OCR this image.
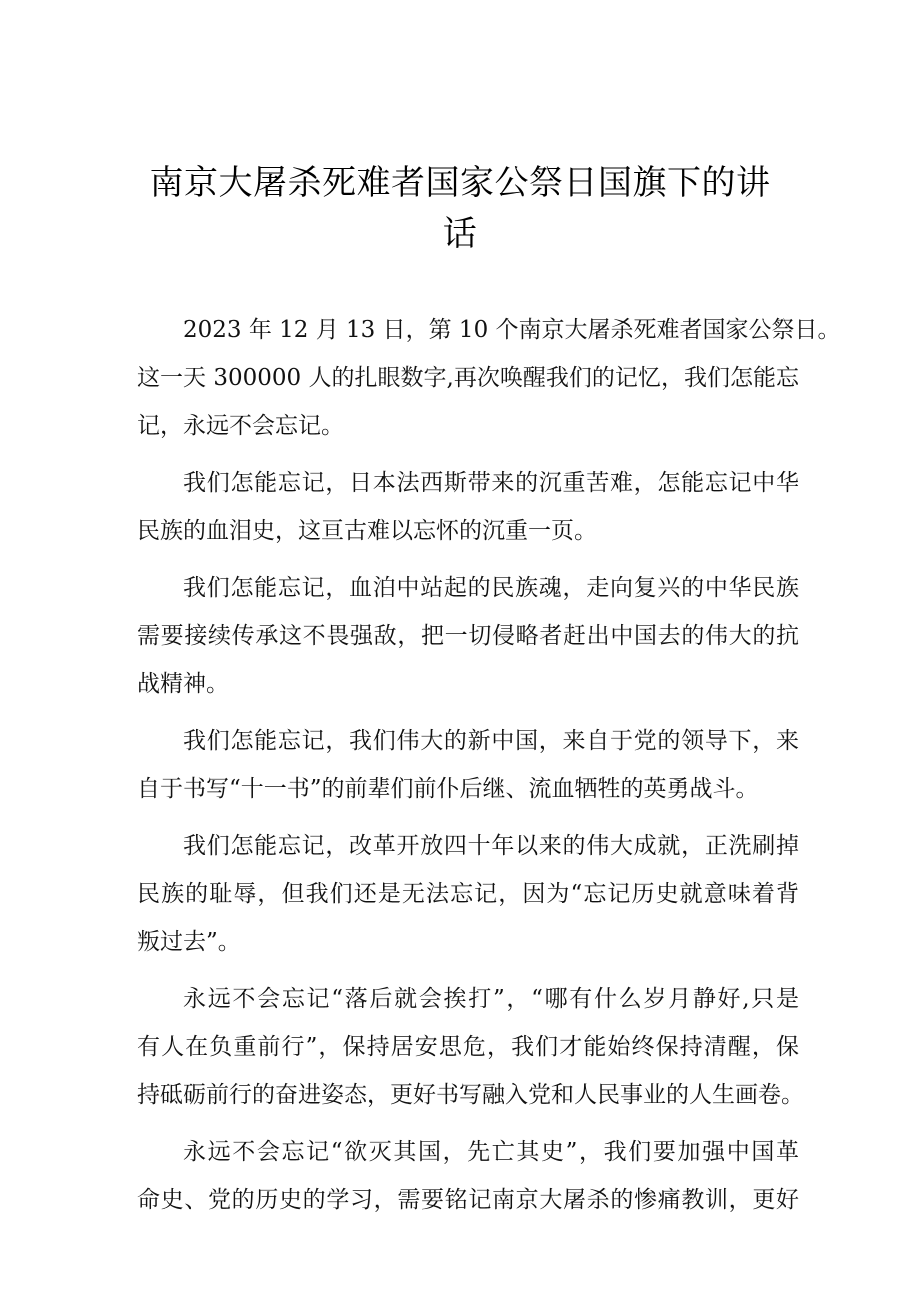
南京大屠杀死难者国家公祭日国旗下的讲
话

2023 年 12 月 13 日，第 10 个南京大屠杀死难者国家公祭日。
这一天 300000 人的扎眼数字,再次唤醒我们的记忆，我们怎能忘
记，永远不会忘记。

我们怎能忘记，日本法西斯带来的沉重苦难，怎能忘记中华
民族的血泪史，这亘古难以忘怀的沉重一页。

我们怎能忘记，血泊中站起的民族魂，走向复兴的中华民族
需要接续传承这不畏强敌，把一切侵略者赶出中国去的伟大的抗
战精神。

我们怎能忘记，我们伟大的新中国，来自于党的领导下，来
自于书写“十一书”的前辈们前仆后继、流血牺牲的英勇战斗。

我们怎能忘记，改革开放四十年以来的伟大成就，正洗刷掉
民族的耻辱，但我们还是无法忘记，因为“忘记历史就意味着背
叛过去”。

永远不会忘记“落后就会挨打”，“哪有什么岁月静好,只是
有人在负重前行”，保持居安思危，我们才能始终保持清醒，保
持砥砺前行的奋进姿态，更好书写融入党和人民事业的人生画卷。

永远不会忘记“欲灭其国，先亡其史”，我们要加强中国革
命史、党的历史的学习，需要铭记南京大屠杀的惨痛教训，更好
